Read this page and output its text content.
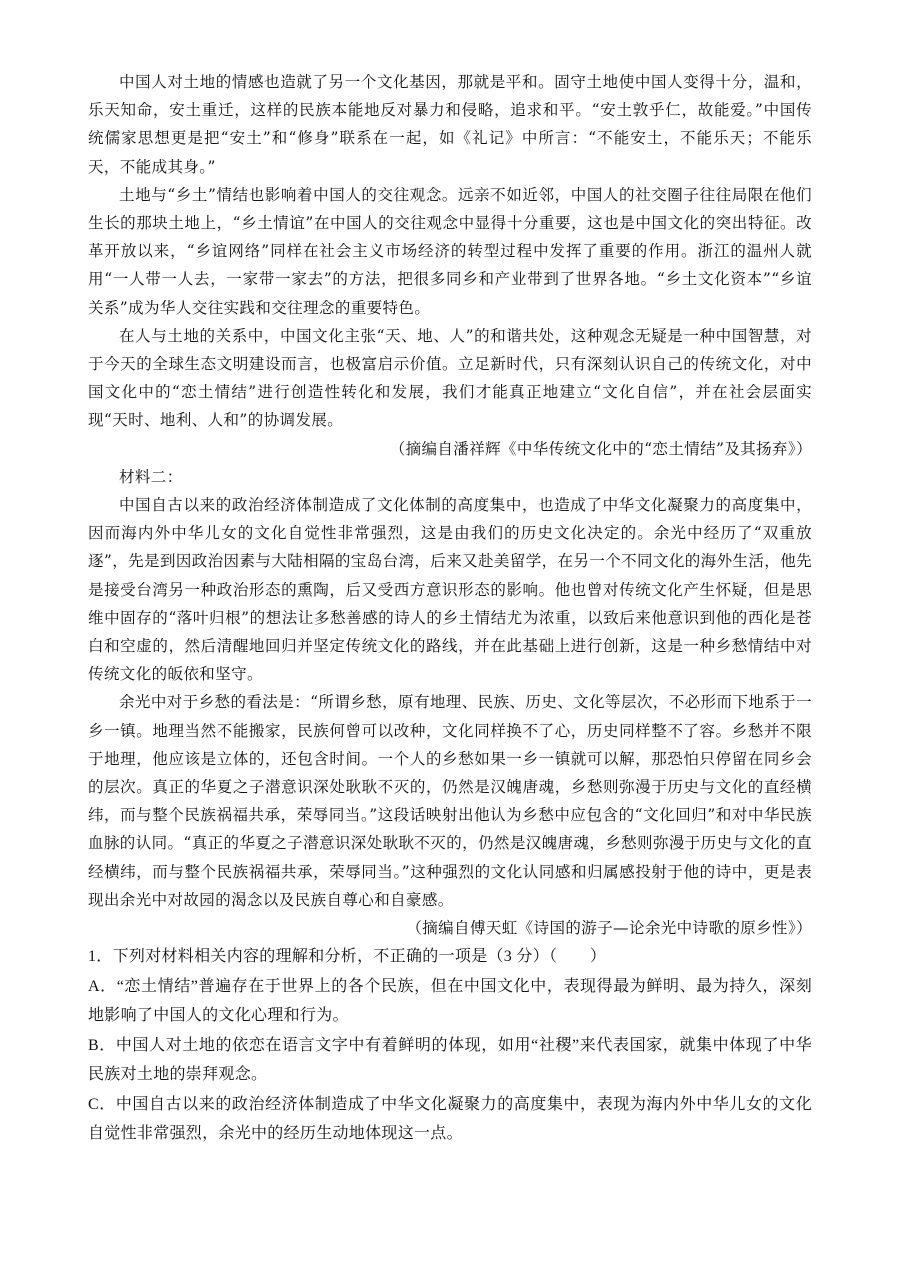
中国人对土地的情感也造就了另一个文化基因，那就是平和。固守土地使中国人变得十分，温和，乐天知命，安土重迁，这样的民族本能地反对暴力和侵略，追求和平。“安土敦乎仁，故能爱。”中国传统儒家思想更是把“安土”和“修身”联系在一起，如《礼记》中所言：“不能安土，不能乐天；不能乐天，不能成其身。”

土地与“乡土”情结也影响着中国人的交往观念。远亲不如近邻，中国人的社交圈子往往局限在他们生长的那块土地上，“乡土情谊”在中国人的交往观念中显得十分重要，这也是中国文化的突出特征。改革开放以来，“乡谊网络”同样在社会主义市场经济的转型过程中发挥了重要的作用。浙江的温州人就用“一人带一人去，一家带一家去”的方法，把很多同乡和产业带到了世界各地。“乡土文化资本”“乡谊关系”成为华人交往实践和交往理念的重要特色。

在人与土地的关系中，中国文化主张“天、地、人”的和谐共处，这种观念无疑是一种中国智慧，对于今天的全球生态文明建设而言，也极富启示价值。立足新时代，只有深刻认识自己的传统文化，对中国文化中的“恋土情结”进行创造性转化和发展，我们才能真正地建立“文化自信”，并在社会层面实现“天时、地利、人和”的协调发展。

（摘编自潘祥辉《中华传统文化中的“恋土情结”及其扬弃》）

材料二：

中国自古以来的政治经济体制造成了文化体制的高度集中，也造成了中华文化凝聚力的高度集中，因而海内外中华儿女的文化自觉性非常强烈，这是由我们的历史文化决定的。余光中经历了“双重放逐”，先是到因政治因素与大陆相隔的宝岛台湾，后来又赴美留学，在另一个不同文化的海外生活，他先是接受台湾另一种政治形态的熏陶，后又受西方意识形态的影响。他也曾对传统文化产生怀疑，但是思维中固存的“落叶归根”的想法让多愁善感的诗人的乡土情结尤为浓重，以致后来他意识到他的西化是苍白和空虚的，然后清醒地回归并坚定传统文化的路线，并在此基础上进行创新，这是一种乡愁情结中对传统文化的皈依和坚守。

余光中对于乡愁的看法是：“所谓乡愁，原有地理、民族、历史、文化等层次，不必形而下地系于一乡一镇。地理当然不能搬家，民族何曾可以改种，文化同样换不了心，历史同样整不了容。乡愁并不限于地理，他应该是立体的，还包含时间。一个人的乡愁如果一乡一镇就可以解，那恐怕只停留在同乡会的层次。真正的华夏之子潜意识深处耿耿不灭的，仍然是汉魄唐魂，乡愁则弥漫于历史与文化的直经横纬，而与整个民族祸福共承，荣辱同当。”这段话映射出他认为乡愁中应包含的“文化回归”和对中华民族血脉的认同。“真正的华夏之子潜意识深处耿耿不灭的，仍然是汉魄唐魂，乡愁则弥漫于历史与文化的直经横纬，而与整个民族祸福共承，荣辱同当。”这种强烈的文化认同感和归属感投射于他的诗中，更是表现出余光中对故园的渴念以及民族自尊心和自豪感。

（摘编自傅天虹《诗国的游子—论余光中诗歌的原乡性》）

1．下列对材料相关内容的理解和分析，不正确的一项是（3 分）（　　）

A．“恋土情结”普遍存在于世界上的各个民族，但在中国文化中，表现得最为鲜明、最为持久，深刻地影响了中国人的文化心理和行为。

B．中国人对土地的依恋在语言文字中有着鲜明的体现，如用“社稷”来代表国家，就集中体现了中华民族对土地的崇拜观念。

C．中国自古以来的政治经济体制造成了中华文化凝聚力的高度集中，表现为海内外中华儿女的文化自觉性非常强烈，余光中的经历生动地体现这一点。
